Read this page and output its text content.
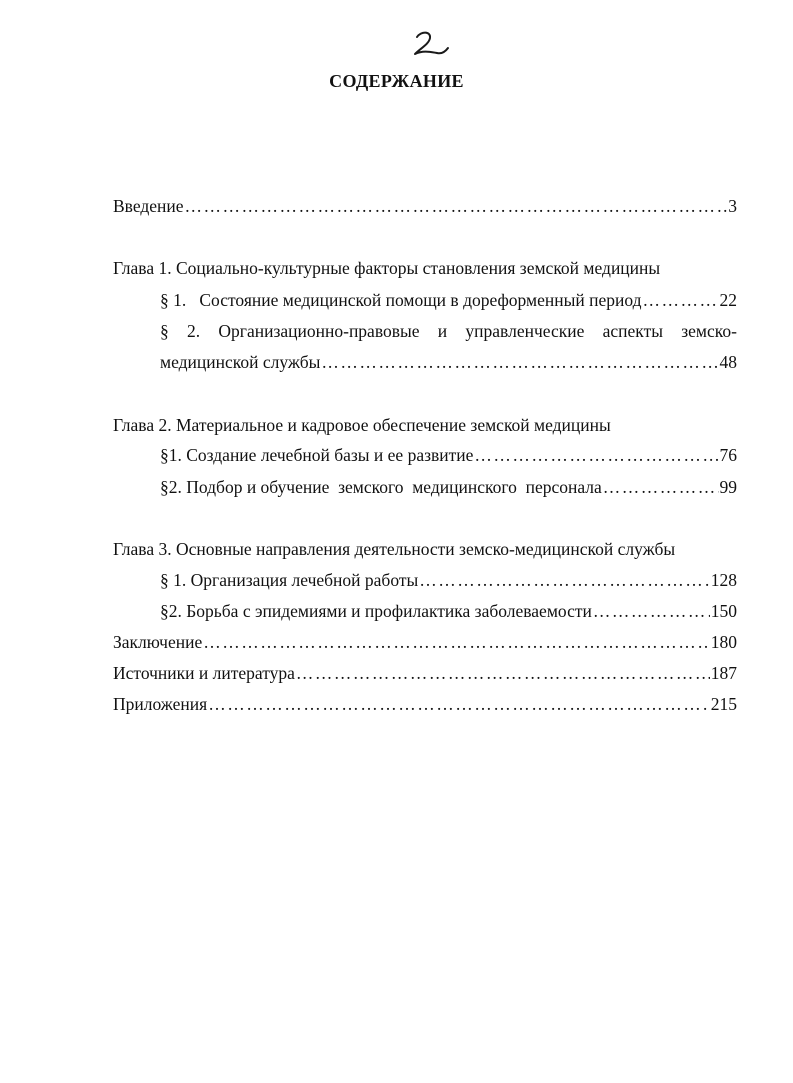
СОДЕРЖАНИЕ
Введение ……………………………………………………………………………………………………………………………………………………………………	3
Глава 1. Социально-культурные факторы становления земской медицины
§ 1.   Состояние медицинской помощи в дореформенный период ……………………………………………………………………………………………………………………………………………………………………	22
§ 2. Организационно-правовые и управленческие аспекты земско-
медицинской службы ……………………………………………………………………………………………………………………………………………………………………	48
Глава 2. Материальное и кадровое обеспечение земской медицины
§1. Создание лечебной базы и ее развитие ……………………………………………………………………………………………………………………………………………………………………	76
§2. Подбор и обучение  земского  медицинского  персонала ……………………………………………………………………………………………………………………………………………………………………	99
Глава 3. Основные направления деятельности земско-медицинской службы
§ 1. Организация лечебной работы ……………………………………………………………………………………………………………………………………………………………………	128
§2. Борьба с эпидемиями и профилактика заболеваемости ……………………………………………………………………………………………………………………………………………………………………	150
Заключение ……………………………………………………………………………………………………………………………………………………………………	180
Источники и литература ……………………………………………………………………………………………………………………………………………………………………	187
Приложения ……………………………………………………………………………………………………………………………………………………………………	215
